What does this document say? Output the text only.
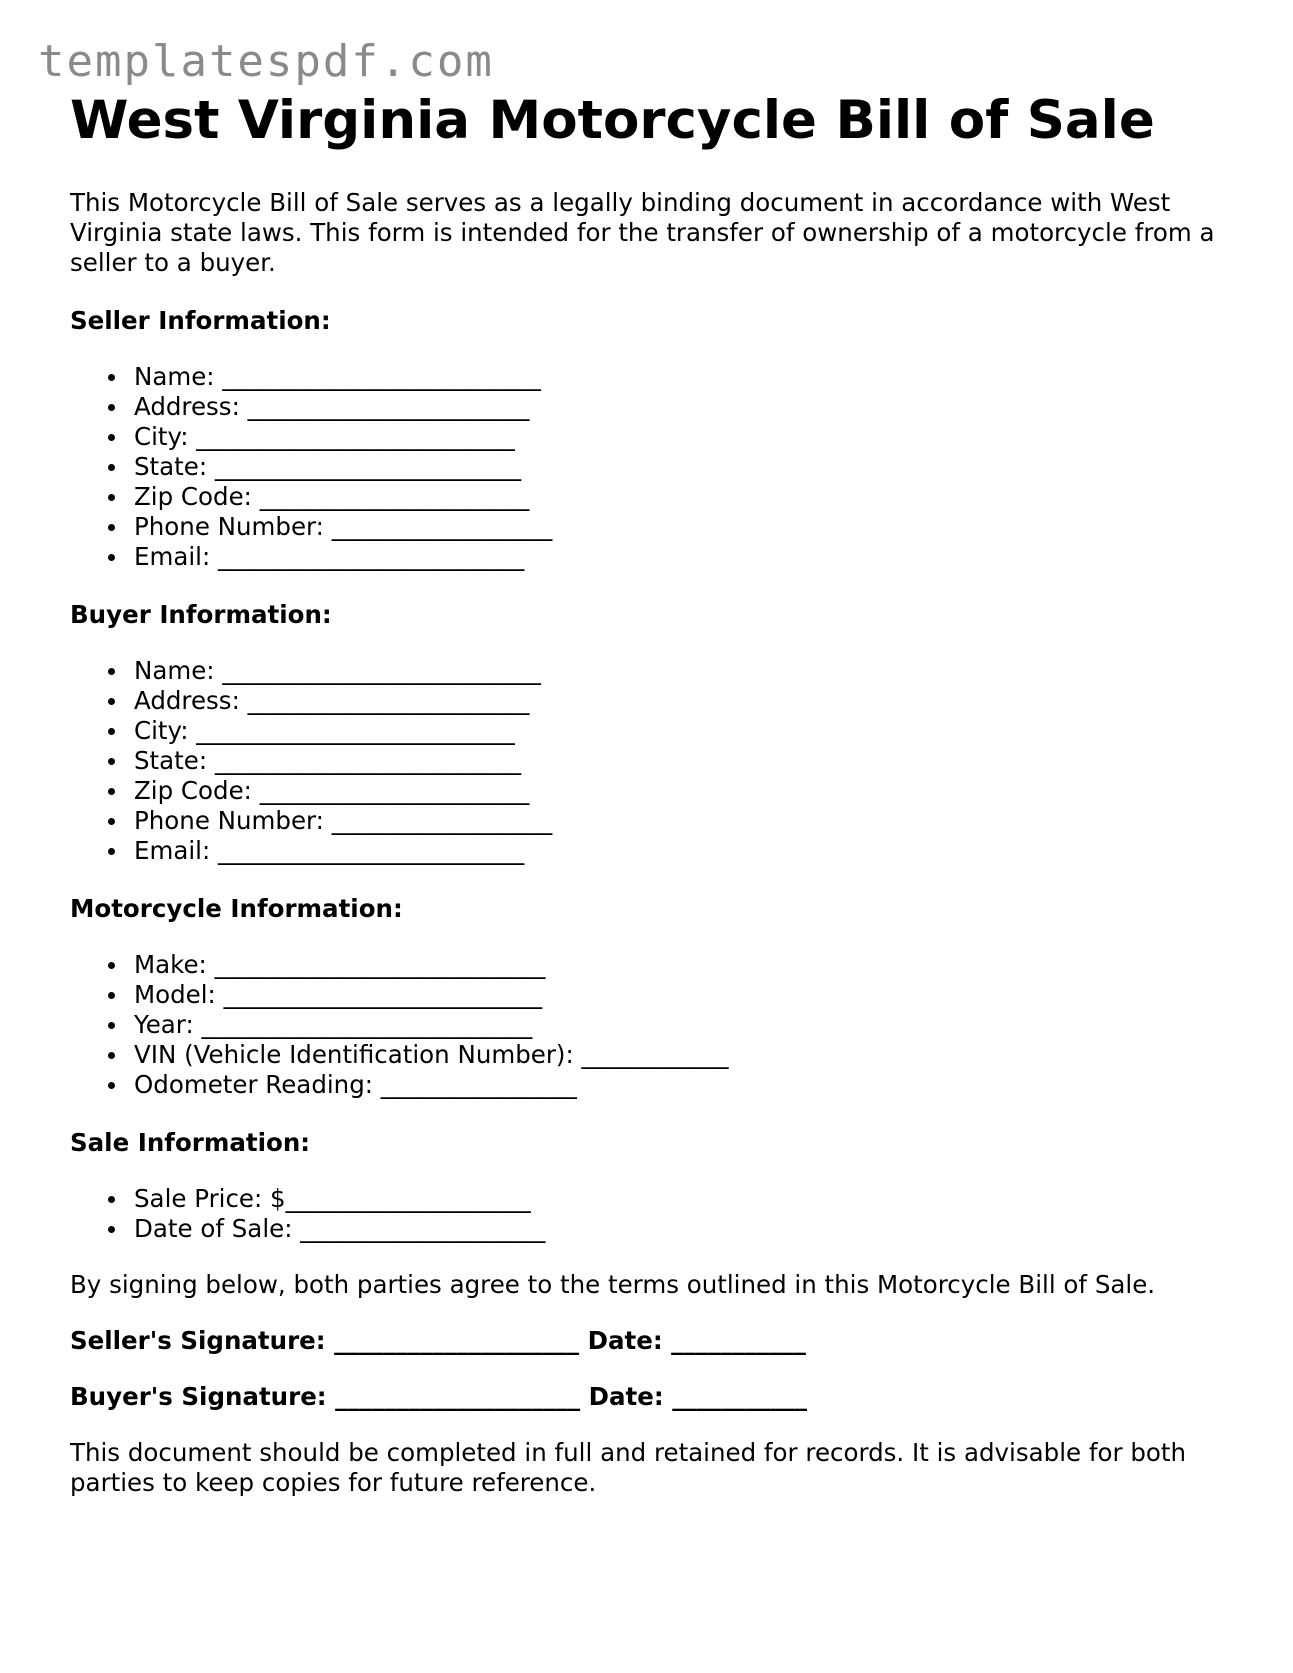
templatespdf.com
West Virginia Motorcycle Bill of Sale

This Motorcycle Bill of Sale serves as a legally binding document in accordance with West Virginia state laws. This form is intended for the transfer of ownership of a motorcycle from a seller to a buyer.

Seller Information:
Name: __________________________
Address: _______________________
City: __________________________
State: _________________________
Zip Code: ______________________
Phone Number: __________________
Email: _________________________
Buyer Information:
Name: __________________________
Address: _______________________
City: __________________________
State: _________________________
Zip Code: ______________________
Phone Number: __________________
Email: _________________________
Motorcycle Information:
Make: ___________________________
Model: __________________________
Year: ___________________________
VIN (Vehicle Identification Number): ____________
Odometer Reading: ________________
Sale Information:
Sale Price: $____________________
Date of Sale: ____________________

By signing below, both parties agree to the terms outlined in this Motorcycle Bill of Sale.

Seller's Signature: ____________________ Date: ___________
Buyer's Signature: ____________________ Date: ___________

This document should be completed in full and retained for records. It is advisable for both parties to keep copies for future reference.
